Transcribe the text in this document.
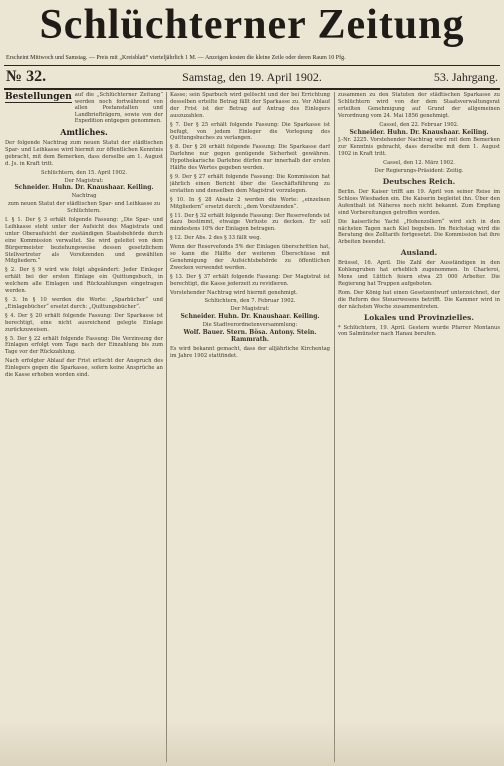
Schlüchterner Zeitung
Erscheint Mittwoch und Samstag. — Preis mit „Kreisblatt“ vierteljährlich 1 M. — Anzeigen kosten die kleine Zeile oder deren Raum 10 Pfg.
№ 32.	Samstag, den 19. April 1902.	53. Jahrgang.
Bestellungen auf die „Schlüchterner Zeitung“ werden noch fortwährend von allen Postanstalten und Landbriefträgern, sowie von der Expedition entgegen genommen.
Amtliches.

Der folgende Nachtrag zum neuen Statut der städtischen Spar- und Leihkasse wird hiermit zur öffentlichen Kenntnis gebracht, mit dem Bemerken, dass derselbe am 1. August d. Js. in Kraft tritt.

Schlüchtern, den 15. April 1902.
Der Magistrat:
Schneider. Huhn. Dr. Knaushaar. Keiling.
Nachtrag

zum neuen Statut der städtischen Spar- und Leihkasse zu Schlüchtern.

I. § 1. Der § 3 erhält folgende Fassung: „Die Spar- und Leihkasse steht unter der Aufsicht des Magistrats und unter Oberaufsicht der zuständigen Staatsbehörde durch eine Kommission verwaltet. Sie wird geleitet von dem Bürgermeister beziehungsweise dessen gesetzlichem Stellvertreter als Vorsitzenden und gewählten Mitgliedern.“

§ 2. Der § 9 wird wie folgt abgeändert: Jeder Einleger erhält bei der ersten Einlage ein Quittungsbuch, in welchem alle Einlagen und Rückzahlungen eingetragen werden.

§ 3. In § 10 werden die Worte: „Sparbücher“ und „Einlagebücher“ ersetzt durch: „Quittungsbücher“.

§ 4. Der § 20 erhält folgende Fassung: Der Sparkasse ist berechtigt, eine nicht ausreichend gelegte Einlage zurückzuweisen.

§ 5. Der § 22 erhält folgende Fassung: Die Verzinsung der Einlagen erfolgt vom Tage nach der Einzahlung bis zum Tage vor der Rückzahlung.

Nach erfolgter Ablauf der Frist erlischt der Anspruch des Einlegers gegen die Sparkasse, sofern keine Ansprüche an die Kasse erhoben worden sind.

Kasse; sein Sparbuch wird gelöscht und der bei Errichtung desselben erteilte Betrag fällt der Sparkasse zu. Vor Ablauf der Frist ist der Betrag auf Antrag des Einlegers auszuzahlen.

§ 7. Der § 25 erhält folgende Fassung: Die Sparkasse ist befugt, von jedem Einleger die Vorlegung des Quittungsbuches zu verlangen.

§ 8. Der § 26 erhält folgende Fassung: Die Sparkasse darf Darlehne nur gegen genügende Sicherheit gewähren. Hypothekarische Darlehne dürfen nur innerhalb der ersten Hälfte des Wertes gegeben werden.

§ 9. Der § 27 erhält folgende Fassung: Die Kommission hat jährlich einen Bericht über die Geschäftsführung zu erstatten und denselben dem Magistrat vorzulegen.

§ 10. In § 28 Absatz 2 werden die Worte: „einzelnen Mitgliedern“ ersetzt durch: „dem Vorsitzenden“.

§ 11. Der § 32 erhält folgende Fassung: Der Reservefonds ist dazu bestimmt, etwaige Verluste zu decken. Er soll mindestens 10% der Einlagen betragen.

§ 12. Der Abs. 2 des § 33 fällt weg.

Wenn der Reservefonds 5% der Einlagen überschritten hat, so kann die Hälfte der weiteren Überschüsse mit Genehmigung der Aufsichtsbehörde zu öffentlichen Zwecken verwendet werden.

§ 13. Der § 37 erhält folgende Fassung: Der Magistrat ist berechtigt, die Kasse jederzeit zu revidieren.

Vorstehender Nachtrag wird hiermit genehmigt.

Schlüchtern, den 7. Februar 1902.
Der Magistrat:
Schneider. Huhn. Dr. Knaushaar. Keiling.
Die Stadtverordnetenversammlung:
Wolf. Bauer. Stern. Bösa. Antony. Stein. Rammrath.

Es wird bekannt gemacht, dass der alljährliche Kirchentag im Jahre 1902 stattfindet.

zusammen zu den Statuten der städtischen Sparkasse zu Schlüchtern wird von der dem Staatsverwaltungsrat erteilten Genehmigung auf Grund der allgemeinen Verordnung vom 24. Mai 1856 genehmigt.

Cassel, den 22. Februar 1902.
Schneider. Huhn. Dr. Knaushaar. Keiling.

J.-Nr. 2225. Vorstehender Nachtrag wird mit dem Bemerken zur Kenntnis gebracht, dass derselbe mit dem 1. August 1902 in Kraft tritt.

Cassel, den 12. März 1902.
Der Regierungs-Präsident: Zeitig.
Deutsches Reich.

Berlin. Der Kaiser trifft am 19. April von seiner Reise im Schloss Wiesbaden ein. Die Kaiserin begleitet ihn. Über den Aufenthalt ist Näheres noch nicht bekannt. Zum Empfang sind Vorbereitungen getroffen worden.

Die kaiserliche Yacht „Hohenzollern“ wird sich in den nächsten Tagen nach Kiel begeben. Im Reichstag wird die Beratung des Zolltarifs fortgesetzt. Die Kommission hat ihre Arbeiten beendet.

Ausland.

Brüssel, 16. April. Die Zahl der Ausständigen in den Kohlengruben hat erheblich zugenommen. In Charleroi, Mons und Lüttich feiern etwa 25 000 Arbeiter. Die Regierung hat Truppen aufgeboten.

Rom. Der König hat einen Gesetzentwurf unterzeichnet, der die Reform des Steuerwesens betrifft. Die Kammer wird in der nächsten Woche zusammentreten.

Lokales und Provinzielles.

* Schlüchtern, 19. April. Gestern wurde Pfarrer Montanus von Salmünster nach Hanau berufen.
